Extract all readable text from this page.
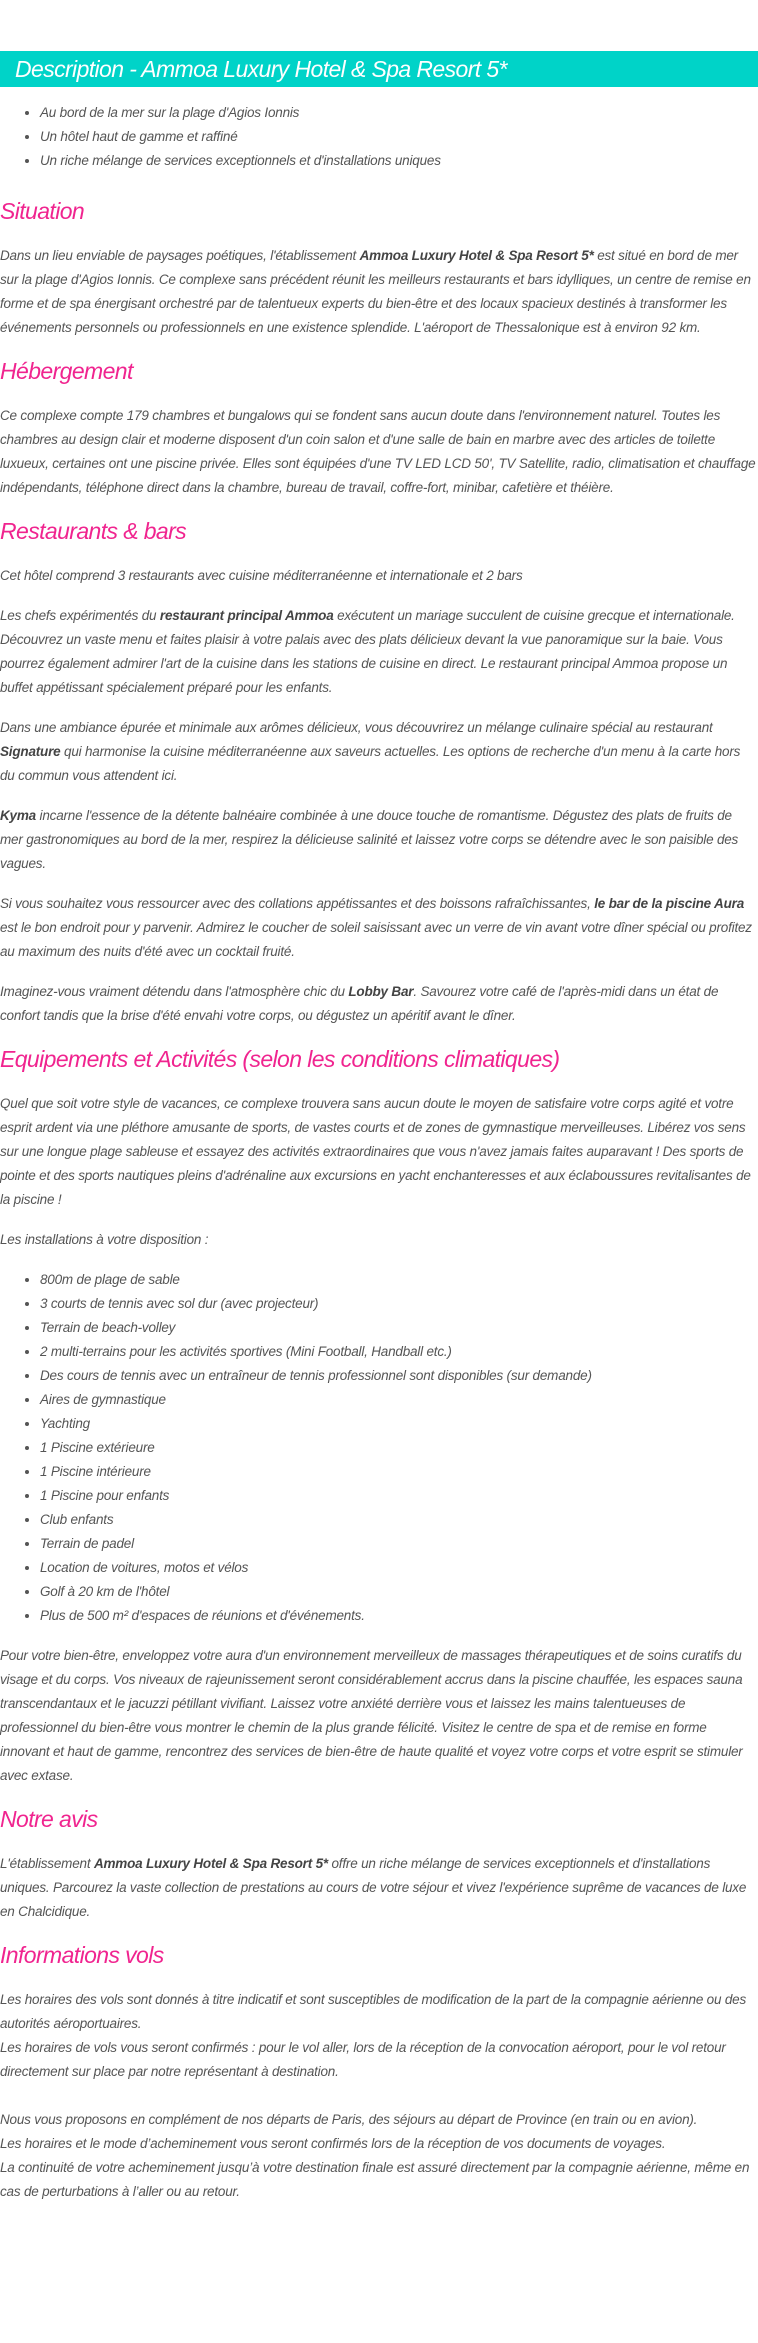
Description - Ammoa Luxury Hotel & Spa Resort 5*
• Au bord de la mer sur la plage d'Agios Ionnis
• Un hôtel haut de gamme et raffiné
• Un riche mélange de services exceptionnels et d'installations uniques
Situation

Dans un lieu enviable de paysages poétiques, l'établissement Ammoa Luxury Hotel & Spa Resort 5* est situé en bord de mer sur la plage d'Agios Ionnis. Ce complexe sans précédent réunit les meilleurs restaurants et bars idylliques, un centre de remise en forme et de spa énergisant orchestré par de talentueux experts du bien-être et des locaux spacieux destinés à transformer les événements personnels ou professionnels en une existence splendide. L'aéroport de Thessalonique est à environ 92 km.

Hébergement

Ce complexe compte 179 chambres et bungalows qui se fondent sans aucun doute dans l'environnement naturel. Toutes les chambres au design clair et moderne disposent d'un coin salon et d'une salle de bain en marbre avec des articles de toilette luxueux, certaines ont une piscine privée. Elles sont équipées d'une TV LED LCD 50', TV Satellite, radio, climatisation et chauffage indépendants, téléphone direct dans la chambre, bureau de travail, coffre-fort, minibar, cafetière et théière.

Restaurants & bars

Cet hôtel comprend 3 restaurants avec cuisine méditerranéenne et internationale et 2 bars

Les chefs expérimentés du restaurant principal Ammoa exécutent un mariage succulent de cuisine grecque et internationale. Découvrez un vaste menu et faites plaisir à votre palais avec des plats délicieux devant la vue panoramique sur la baie. Vous pourrez également admirer l'art de la cuisine dans les stations de cuisine en direct. Le restaurant principal Ammoa propose un buffet appétissant spécialement préparé pour les enfants.

Dans une ambiance épurée et minimale aux arômes délicieux, vous découvrirez un mélange culinaire spécial au restaurant Signature qui harmonise la cuisine méditerranéenne aux saveurs actuelles. Les options de recherche d'un menu à la carte hors du commun vous attendent ici.

Kyma incarne l'essence de la détente balnéaire combinée à une douce touche de romantisme. Dégustez des plats de fruits de mer gastronomiques au bord de la mer, respirez la délicieuse salinité et laissez votre corps se détendre avec le son paisible des vagues.

Si vous souhaitez vous ressourcer avec des collations appétissantes et des boissons rafraîchissantes, le bar de la piscine Aura est le bon endroit pour y parvenir. Admirez le coucher de soleil saisissant avec un verre de vin avant votre dîner spécial ou profitez au maximum des nuits d'été avec un cocktail fruité.

Imaginez-vous vraiment détendu dans l'atmosphère chic du Lobby Bar. Savourez votre café de l'après-midi dans un état de confort tandis que la brise d'été envahi votre corps, ou dégustez un apéritif avant le dîner.

Equipements et Activités (selon les conditions climatiques)

Quel que soit votre style de vacances, ce complexe trouvera sans aucun doute le moyen de satisfaire votre corps agité et votre esprit ardent via une pléthore amusante de sports, de vastes courts et de zones de gymnastique merveilleuses. Libérez vos sens sur une longue plage sableuse et essayez des activités extraordinaires que vous n'avez jamais faites auparavant ! Des sports de pointe et des sports nautiques pleins d'adrénaline aux excursions en yacht enchanteresses et aux éclaboussures revitalisantes de la piscine !

Les installations à votre disposition :

• 800m de plage de sable
• 3 courts de tennis avec sol dur (avec projecteur)
• Terrain de beach-volley
• 2 multi-terrains pour les activités sportives (Mini Football, Handball etc.)
• Des cours de tennis avec un entraîneur de tennis professionnel sont disponibles (sur demande)
• Aires de gymnastique
• Yachting
• 1 Piscine extérieure
• 1 Piscine intérieure
• 1 Piscine pour enfants
• Club enfants
• Terrain de padel
• Location de voitures, motos et vélos
• Golf à 20 km de l'hôtel
• Plus de 500 m² d'espaces de réunions et d'événements.

Pour votre bien-être, enveloppez votre aura d'un environnement merveilleux de massages thérapeutiques et de soins curatifs du visage et du corps. Vos niveaux de rajeunissement seront considérablement accrus dans la piscine chauffée, les espaces sauna transcendantaux et le jacuzzi pétillant vivifiant. Laissez votre anxiété derrière vous et laissez les mains talentueuses de professionnel du bien-être vous montrer le chemin de la plus grande félicité. Visitez le centre de spa et de remise en forme innovant et haut de gamme, rencontrez des services de bien-être de haute qualité et voyez votre corps et votre esprit se stimuler avec extase.

Notre avis

L'établissement Ammoa Luxury Hotel & Spa Resort 5* offre un riche mélange de services exceptionnels et d'installations uniques. Parcourez la vaste collection de prestations au cours de votre séjour et vivez l'expérience suprême de vacances de luxe en Chalcidique.

Informations vols

Les horaires des vols sont donnés à titre indicatif et sont susceptibles de modification de la part de la compagnie aérienne ou des autorités aéroportuaires.

Les horaires de vols vous seront confirmés : pour le vol aller, lors de la réception de la convocation aéroport, pour le vol retour directement sur place par notre représentant à destination.

Nous vous proposons en complément de nos départs de Paris, des séjours au départ de Province (en train ou en avion).

Les horaires et le mode d’acheminement vous seront confirmés lors de la réception de vos documents de voyages.

La continuité de votre acheminement jusqu’à votre destination finale est assuré directement par la compagnie aérienne, même en cas de perturbations à l’aller ou au retour.
